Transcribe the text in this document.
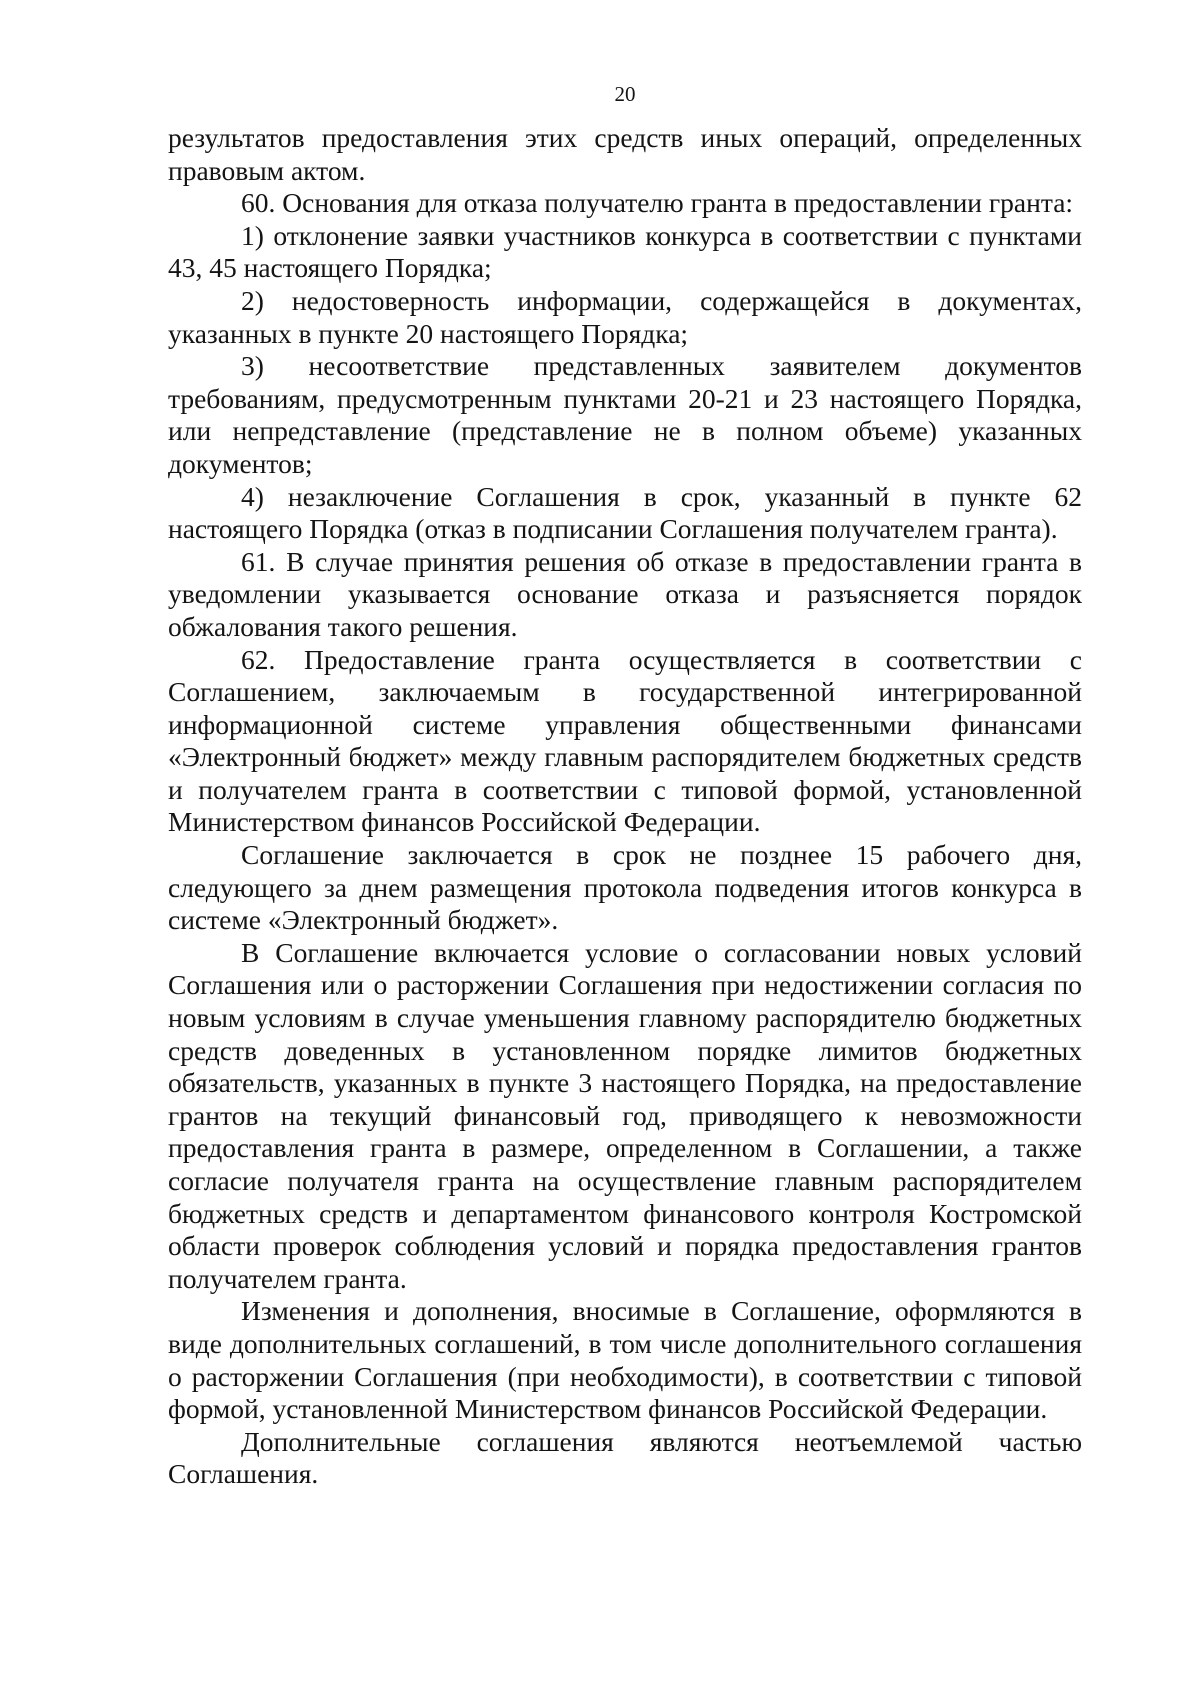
20

результатов предоставления этих средств иных операций, определенных правовым актом.

60. Основания для отказа получателю гранта в предоставлении гранта:

1) отклонение заявки участников конкурса в соответствии с пунктами 43, 45 настоящего Порядка;

2) недостоверность информации, содержащейся в документах, указанных в пункте 20 настоящего Порядка;

3) несоответствие представленных заявителем документов требованиям, предусмотренным пунктами 20-21 и 23 настоящего Порядка, или непредставление (представление не в полном объеме) указанных документов;

4) незаключение Соглашения в срок, указанный в пункте 62 настоящего Порядка (отказ в подписании Соглашения получателем гранта).

61. В случае принятия решения об отказе в предоставлении гранта в уведомлении указывается основание отказа и разъясняется порядок обжалования такого решения.

62. Предоставление гранта осуществляется в соответствии с Соглашением, заключаемым в государственной интегрированной информационной системе управления общественными финансами «Электронный бюджет» между главным распорядителем бюджетных средств и получателем гранта в соответствии с типовой формой, установленной Министерством финансов Российской Федерации.

Соглашение заключается в срок не позднее 15 рабочего дня, следующего за днем размещения протокола подведения итогов конкурса в системе «Электронный бюджет».

В Соглашение включается условие о согласовании новых условий Соглашения или о расторжении Соглашения при недостижении согласия по новым условиям в случае уменьшения главному распорядителю бюджетных средств доведенных в установленном порядке лимитов бюджетных обязательств, указанных в пункте 3 настоящего Порядка, на предоставление грантов на текущий финансовый год, приводящего к невозможности предоставления гранта в размере, определенном в Соглашении, а также согласие получателя гранта на осуществление главным распорядителем бюджетных средств и департаментом финансового контроля Костромской области проверок соблюдения условий и порядка предоставления грантов получателем гранта.

Изменения и дополнения, вносимые в Соглашение, оформляются в виде дополнительных соглашений, в том числе дополнительного соглашения о расторжении Соглашения (при необходимости), в соответствии с типовой формой, установленной Министерством финансов Российской Федерации.

Дополнительные соглашения являются неотъемлемой частью Соглашения.
